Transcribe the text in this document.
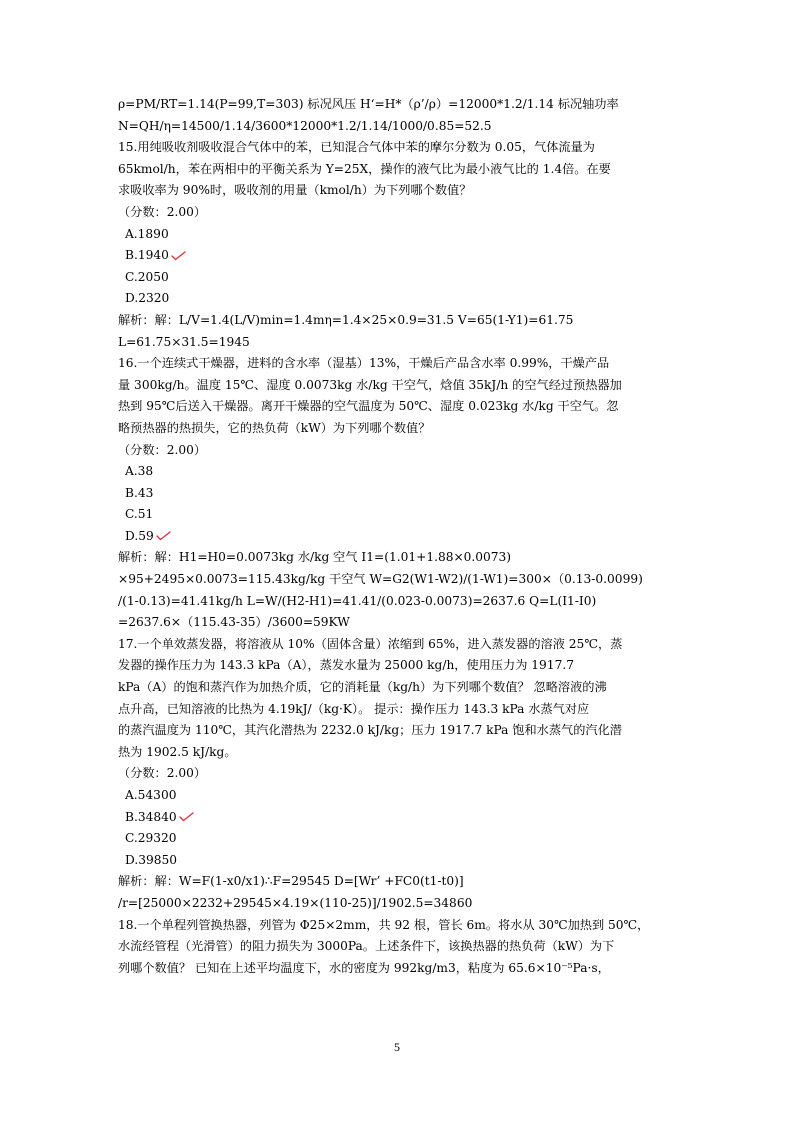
ρ=PM/RT=1.14(P=99,T=303) 标况风压 H‘=H*（ρ’/ρ）=12000*1.2/1.14 标况轴功率
N=QH/η=14500/1.14/3600*12000*1.2/1.14/1000/0.85=52.5
15.用纯吸收剂吸收混合气体中的苯，已知混合气体中苯的摩尔分数为 0.05，气体流量为
65kmol/h，苯在两相中的平衡关系为 Y=25X，操作的液气比为最小液气比的 1.4倍。在要
求吸收率为 90%时，吸收剂的用量（kmol/h）为下列哪个数值？
（分数：2.00）
A.1890
B.1940
C.2050
D.2320
解析：解：L/V=1.4(L/V)min=1.4mη=1.4×25×0.9=31.5 V=65(1-Y1)=61.75
L=61.75×31.5=1945
16.一个连续式干燥器，进料的含水率（湿基）13%，干燥后产品含水率 0.99%，干燥产品
量 300kg/h。温度 15℃、湿度 0.0073kg 水/kg 干空气，焓值 35kJ/h 的空气经过预热器加
热到 95℃后送入干燥器。离开干燥器的空气温度为 50℃、湿度 0.023kg 水/kg 干空气。忽
略预热器的热损失，它的热负荷（kW）为下列哪个数值？
（分数：2.00）
A.38
B.43
C.51
D.59
解析：解：H1=H0=0.0073kg 水/kg 空气 I1=(1.01+1.88×0.0073)
×95+2495×0.0073=115.43kg/kg 干空气 W=G2(W1-W2)/(1-W1)=300×（0.13-0.0099)
/(1-0.13)=41.41kg/h L=W/(H2-H1)=41.41/(0.023-0.0073)=2637.6 Q=L(I1-I0)
=2637.6×（115.43-35）/3600=59KW
17.一个单效蒸发器，将溶液从 10%（固体含量）浓缩到 65%，进入蒸发器的溶液 25℃，蒸
发器的操作压力为 143.3 kPa（A），蒸发水量为 25000 kg/h，使用压力为 1917.7
kPa（A）的饱和蒸汽作为加热介质，它的消耗量（kg/h）为下列哪个数值？ 忽略溶液的沸
点升高，已知溶液的比热为 4.19kJ/（kg·K）。 提示：操作压力 143.3 kPa 水蒸气对应
的蒸汽温度为 110℃，其汽化潜热为 2232.0 kJ/kg；压力 1917.7 kPa 饱和水蒸气的汽化潜
热为 1902.5 kJ/kg。
（分数：2.00）
A.54300
B.34840
C.29320
D.39850
解析：解：W=F(1-x0/x1)∴F=29545 D=[Wr’ +FC0(t1-t0)]
/r=[25000×2232+29545×4.19×(110-25)]/1902.5=34860
18.一个单程列管换热器，列管为 Φ25×2mm，共 92 根，管长 6m。将水从 30℃加热到 50℃，
水流经管程（光滑管）的阻力损失为 3000Pa。上述条件下，该换热器的热负荷（kW）为下
列哪个数值？ 已知在上述平均温度下，水的密度为 992kg/m3，粘度为 65.6×10⁻⁵Pa·s，
5
